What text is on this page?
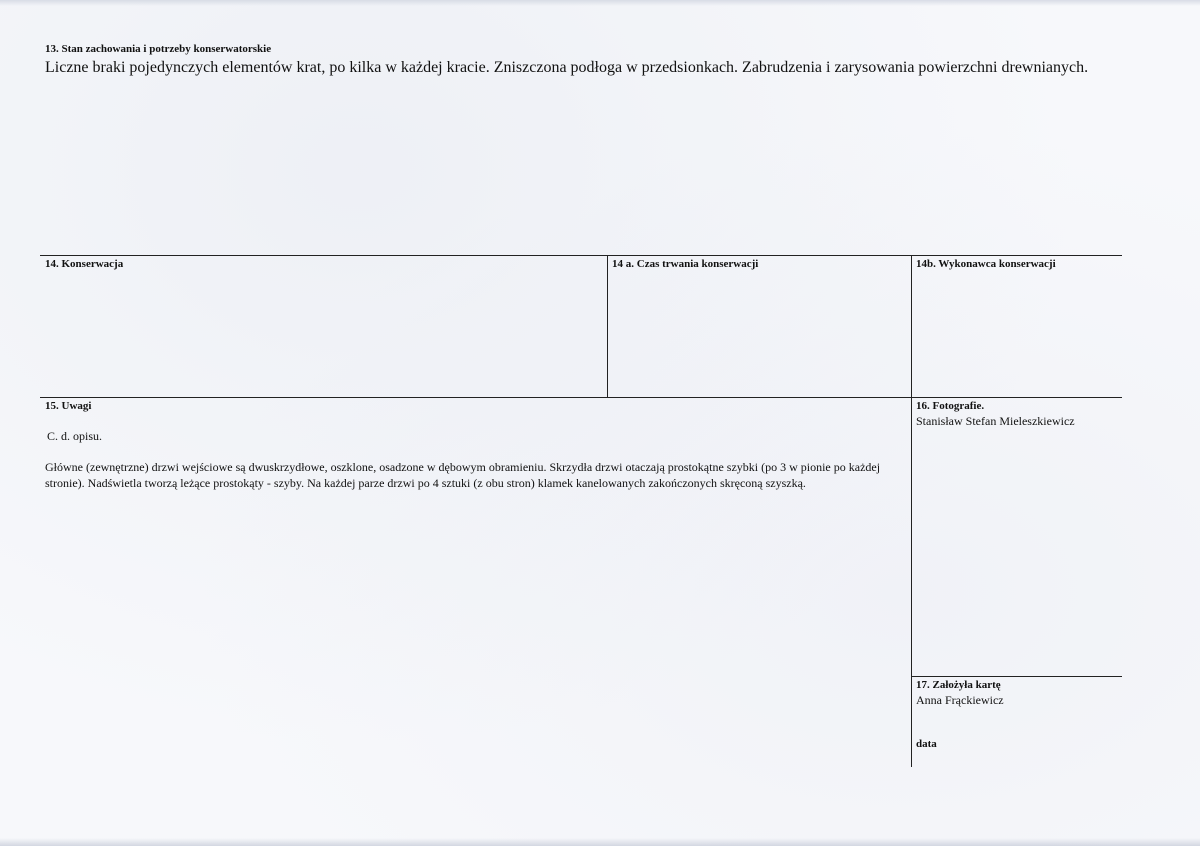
13. Stan zachowania i potrzeby konserwatorskie
Liczne braki pojedynczych elementów krat, po kilka w każdej kracie. Zniszczona podłoga w przedsionkach. Zabrudzenia i zarysowania powierzchni drewnianych.
14. Konserwacja	14 a. Czas trwania konserwacji	14b. Wykonawca konserwacji
15. Uwagi
C. d. opisu.
Główne (zewnętrzne) drzwi wejściowe są dwuskrzydłowe, oszklone, osadzone w dębowym obramieniu. Skrzydła drzwi otaczają prostokątne szybki (po 3 w pionie po każdej stronie). Nadświetla tworzą leżące prostokąty - szyby. Na każdej parze drzwi po 4 sztuki (z obu stron) klamek kanelowanych zakończonych skręconą szyszką.
16. Fotografie.
Stanisław Stefan Mieleszkiewicz
17. Założyła kartę
Anna Frąckiewicz
data
